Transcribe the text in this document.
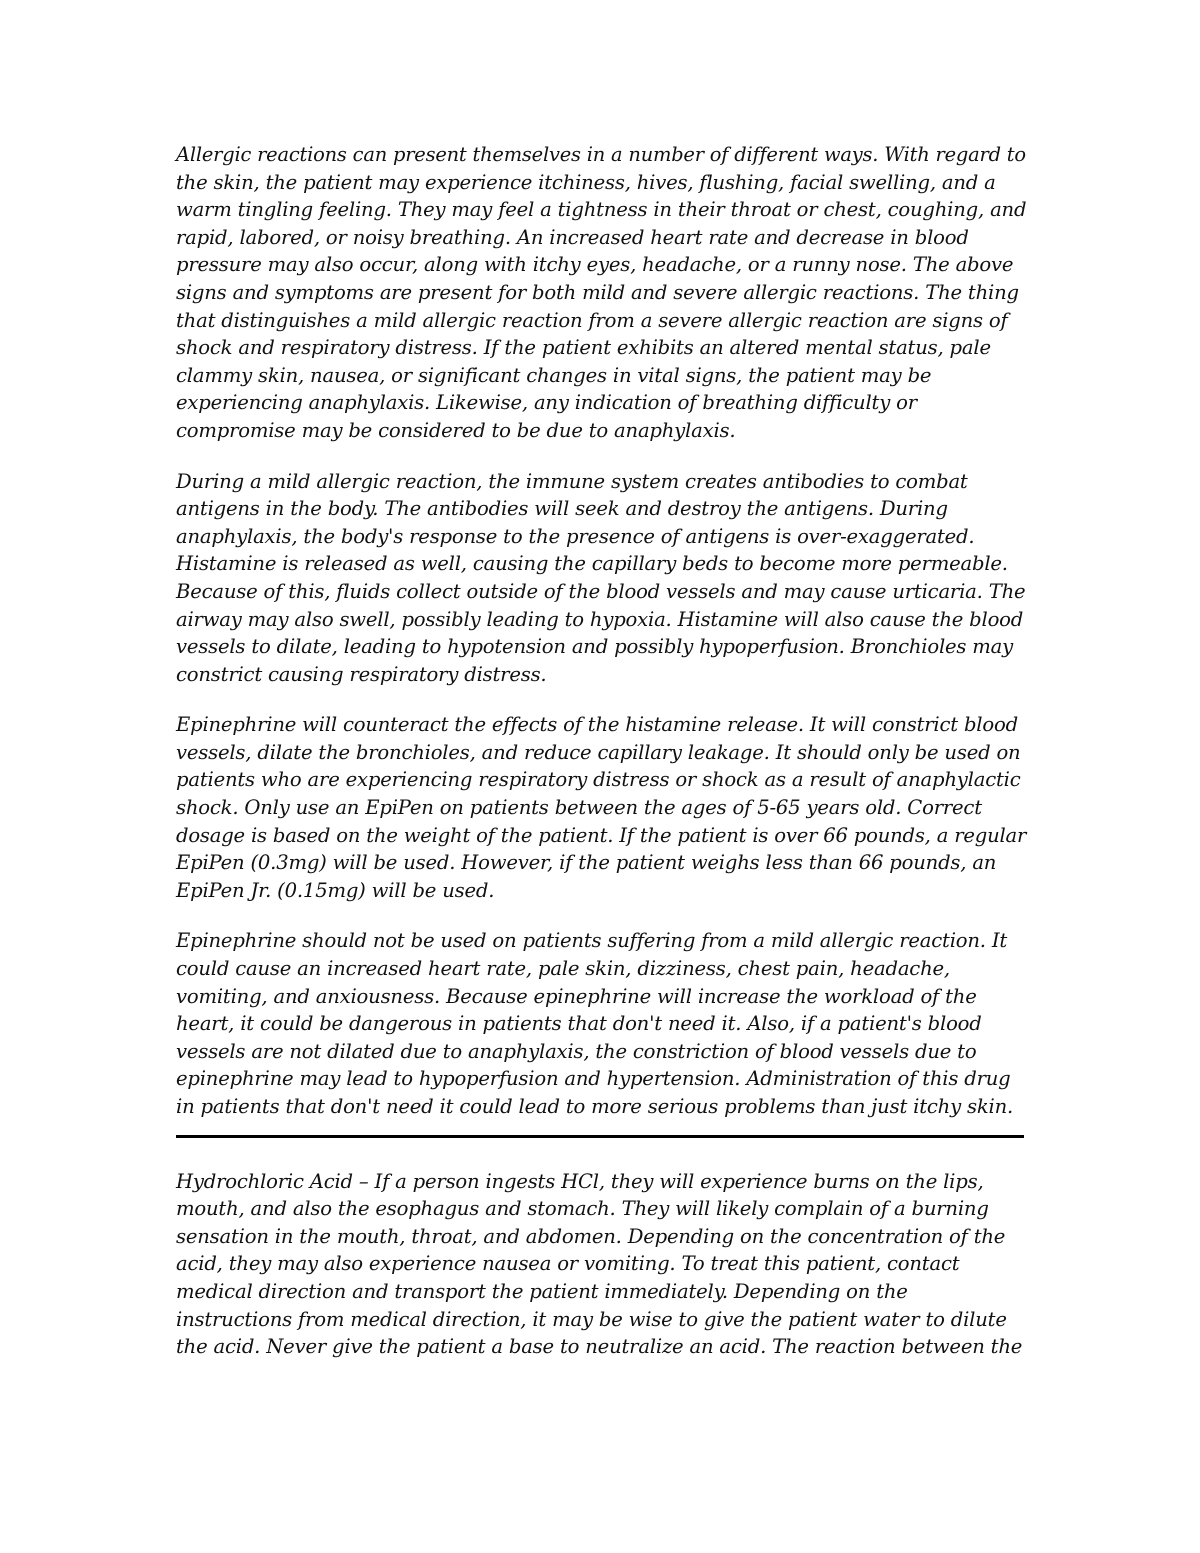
Allergic reactions can present themselves in a number of different ways. With regard to
the skin, the patient may experience itchiness, hives, flushing, facial swelling, and a
warm tingling feeling. They may feel a tightness in their throat or chest, coughing, and
rapid, labored, or noisy breathing. An increased heart rate and decrease in blood
pressure may also occur, along with itchy eyes, headache, or a runny nose. The above
signs and symptoms are present for both mild and severe allergic reactions. The thing
that distinguishes a mild allergic reaction from a severe allergic reaction are signs of
shock and respiratory distress. If the patient exhibits an altered mental status, pale
clammy skin, nausea, or significant changes in vital signs, the patient may be
experiencing anaphylaxis. Likewise, any indication of breathing difficulty or
compromise may be considered to be due to anaphylaxis.

During a mild allergic reaction, the immune system creates antibodies to combat
antigens in the body. The antibodies will seek and destroy the antigens. During
anaphylaxis, the body's response to the presence of antigens is over-exaggerated.
Histamine is released as well, causing the capillary beds to become more permeable.
Because of this, fluids collect outside of the blood vessels and may cause urticaria. The
airway may also swell, possibly leading to hypoxia. Histamine will also cause the blood
vessels to dilate, leading to hypotension and possibly hypoperfusion. Bronchioles may
constrict causing respiratory distress.

Epinephrine will counteract the effects of the histamine release. It will constrict blood
vessels, dilate the bronchioles, and reduce capillary leakage. It should only be used on
patients who are experiencing respiratory distress or shock as a result of anaphylactic
shock. Only use an EpiPen on patients between the ages of 5-65 years old. Correct
dosage is based on the weight of the patient. If the patient is over 66 pounds, a regular
EpiPen (0.3mg) will be used. However, if the patient weighs less than 66 pounds, an
EpiPen Jr. (0.15mg) will be used.

Epinephrine should not be used on patients suffering from a mild allergic reaction. It
could cause an increased heart rate, pale skin, dizziness, chest pain, headache,
vomiting, and anxiousness. Because epinephrine will increase the workload of the
heart, it could be dangerous in patients that don't need it. Also, if a patient's blood
vessels are not dilated due to anaphylaxis, the constriction of blood vessels due to
epinephrine may lead to hypoperfusion and hypertension. Administration of this drug
in patients that don't need it could lead to more serious problems than just itchy skin.

Hydrochloric Acid – If a person ingests HCl, they will experience burns on the lips,
mouth, and also the esophagus and stomach. They will likely complain of a burning
sensation in the mouth, throat, and abdomen. Depending on the concentration of the
acid, they may also experience nausea or vomiting. To treat this patient, contact
medical direction and transport the patient immediately. Depending on the
instructions from medical direction, it may be wise to give the patient water to dilute
the acid. Never give the patient a base to neutralize an acid. The reaction between the
